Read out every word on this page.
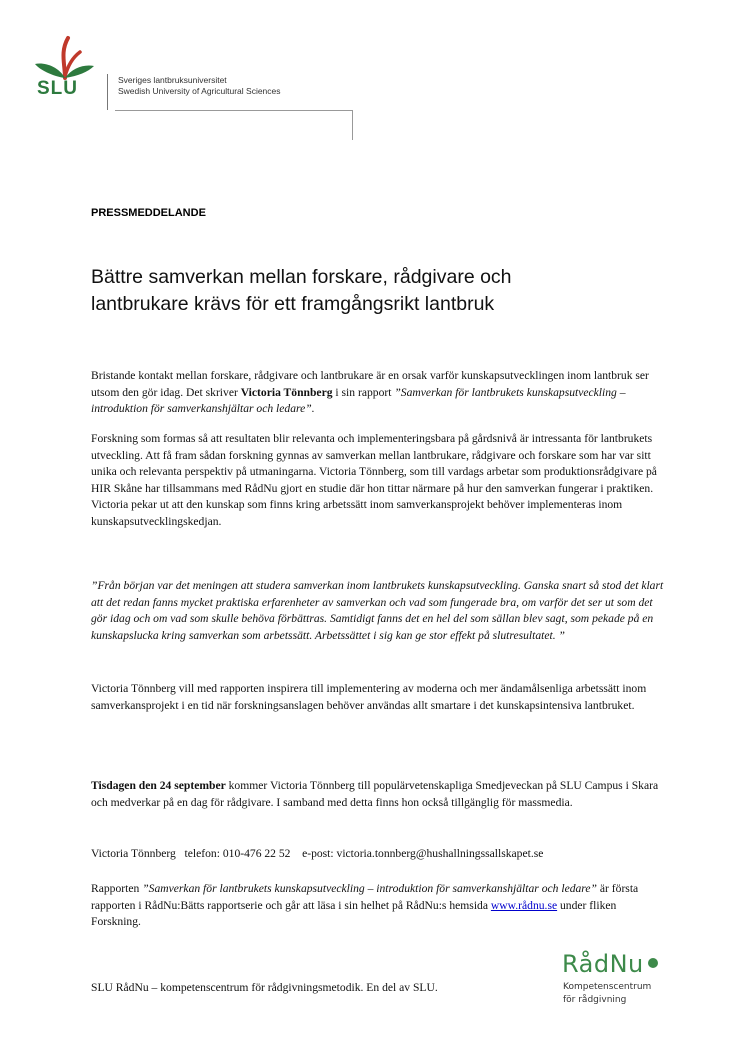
SLU	Sveriges lantbruksuniversitet
Swedish University of Agricultural Sciences
PRESSMEDDELANDE
Bättre samverkan mellan forskare, rådgivare och
lantbrukare krävs för ett framgångsrikt lantbruk
Bristande kontakt mellan forskare, rådgivare och lantbrukare är en orsak varför kunskapsutvecklingen inom lantbruk ser utsom den gör idag. Det skriver Victoria Tönnberg i sin rapport ”Samverkan för lantbrukets kunskapsutveckling – introduktion för samverkanshjältar och ledare”.
Forskning som formas så att resultaten blir relevanta och implementeringsbara på gårdsnivå är intressanta för lantbrukets utveckling. Att få fram sådan forskning gynnas av samverkan mellan lantbrukare, rådgivare och forskare som har var sitt unika och relevanta perspektiv på utmaningarna. Victoria Tönnberg, som till vardags arbetar som produktionsrådgivare på HIR Skåne har tillsammans med RådNu gjort en studie där hon tittar närmare på hur den samverkan fungerar i praktiken. Victoria pekar ut att den kunskap som finns kring arbetssätt inom samverkansprojekt behöver implementeras inom kunskapsutvecklingskedjan.
”Från början var det meningen att studera samverkan inom lantbrukets kunskapsutveckling. Ganska snart så stod det klart att det redan fanns mycket praktiska erfarenheter av samverkan och vad som fungerade bra, om varför det ser ut som det gör idag och om vad som skulle behöva förbättras. Samtidigt fanns det en hel del som sällan blev sagt, som pekade på en kunskapslucka kring samverkan som arbetssätt. Arbetssättet i sig kan ge stor effekt på slutresultatet. ”
Victoria Tönnberg vill med rapporten inspirera till implementering av moderna och mer ändamålsenliga arbetssätt inom samverkansprojekt i en tid när forskningsanslagen behöver användas allt smartare i det kunskapsintensiva lantbruket.
Tisdagen den 24 september kommer Victoria Tönnberg till populärvetenskapliga Smedjeveckan på SLU Campus i Skara och medverkar på en dag för rådgivare. I samband med detta finns hon också tillgänglig för massmedia.
Victoria Tönnberg   telefon: 010-476 22 52    e-post: victoria.tonnberg@hushallningssallskapet.se
Rapporten ”Samverkan för lantbrukets kunskapsutveckling – introduktion för samverkanshjältar och ledare” är första rapporten i RådNu:Bätts rapportserie och går att läsa i sin helhet på RådNu:s hemsida www.rådnu.se under fliken Forskning.
SLU RådNu – kompetenscentrum för rådgivningsmetodik. En del av SLU.
RådNu
Kompetenscentrum
för rådgivning
